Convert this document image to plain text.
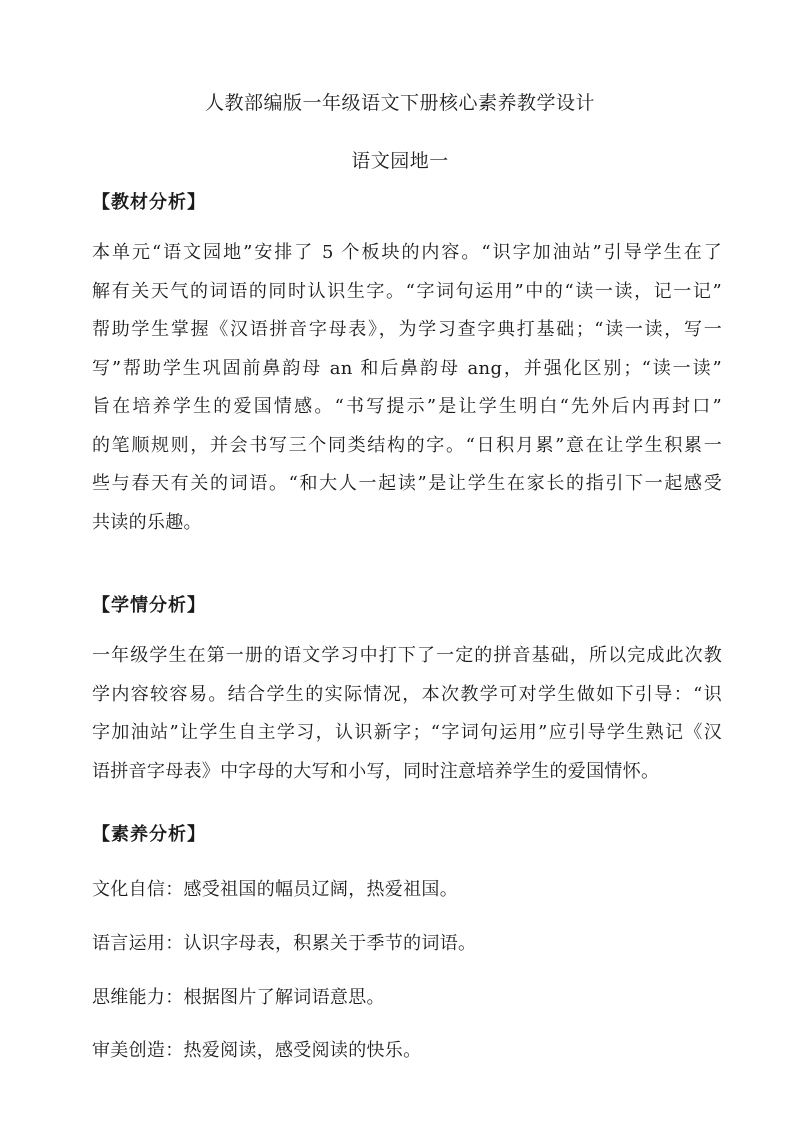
人教部编版一年级语文下册核心素养教学设计
语文园地一
【教材分析】
本单元“语文园地”安排了 5 个板块的内容。“识字加油站”引导学生在了
解有关天气的词语的同时认识生字。“字词句运用”中的“读一读，记一记”
帮助学生掌握《汉语拼音字母表》，为学习查字典打基础；“读一读，写一
写”帮助学生巩固前鼻韵母 an 和后鼻韵母 ang，并强化区别；“读一读”
旨在培养学生的爱国情感。“书写提示”是让学生明白“先外后内再封口”
的笔顺规则，并会书写三个同类结构的字。“日积月累”意在让学生积累一
些与春天有关的词语。“和大人一起读”是让学生在家长的指引下一起感受
共读的乐趣。
【学情分析】
一年级学生在第一册的语文学习中打下了一定的拼音基础，所以完成此次教
学内容较容易。结合学生的实际情况，本次教学可对学生做如下引导：“识
字加油站”让学生自主学习，认识新字；“字词句运用”应引导学生熟记《汉
语拼音字母表》中字母的大写和小写，同时注意培养学生的爱国情怀。
【素养分析】
文化自信：感受祖国的幅员辽阔，热爱祖国。
语言运用：认识字母表，积累关于季节的词语。
思维能力：根据图片了解词语意思。
审美创造：热爱阅读，感受阅读的快乐。
